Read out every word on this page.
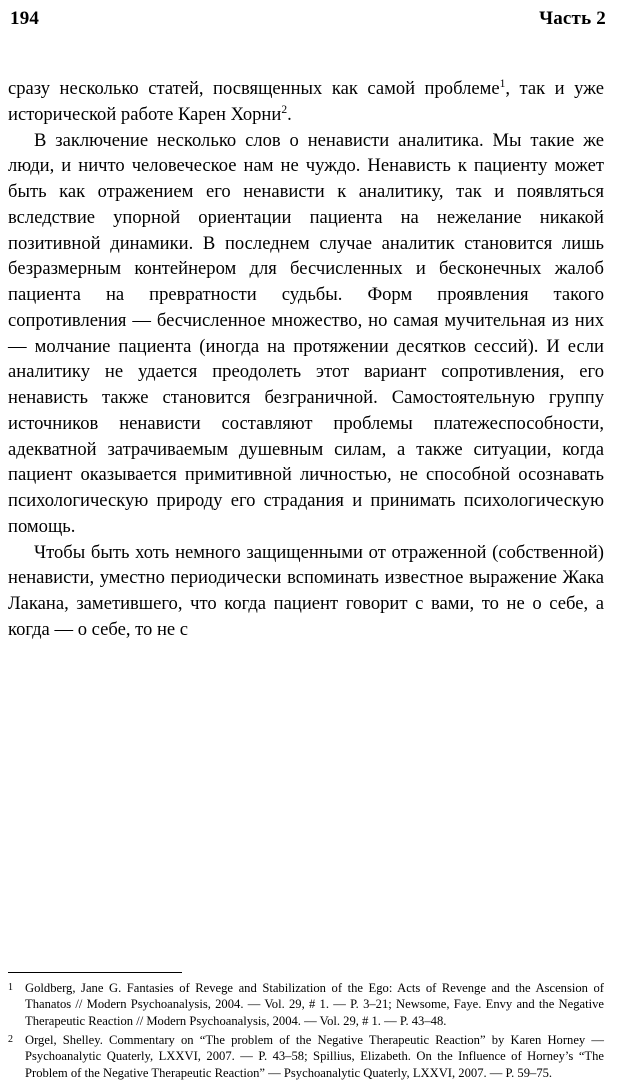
194	Часть 2

сразу несколько статей, посвященных как самой проблеме$^1$, так и уже исторической работе Карен Хорни$^2$.

В заключение несколько слов о ненависти аналитика. Мы такие же люди, и ничто человеческое нам не чуждо. Ненависть к пациенту может быть как отражением его ненависти к аналитику, так и появляться вследствие упорной ориентации пациента на нежелание никакой позитивной динамики. В последнем случае аналитик становится лишь безразмерным контейнером для бесчисленных и бесконечных жалоб пациента на превратности судьбы. Форм проявления такого сопротивления — бесчисленное множество, но самая мучительная из них — молчание пациента (иногда на протяжении десятков сессий). И если аналитику не удается преодолеть этот вариант сопротивления, его ненависть также становится безграничной. Самостоятельную группу источников ненависти составляют проблемы платежеспособности, адекватной затрачиваемым душевным силам, а также ситуации, когда пациент оказывается примитивной личностью, не способной осознавать психологическую природу его страдания и принимать психологическую помощь.

Чтобы быть хоть немного защищенными от отраженной (собственной) ненависти, уместно периодически вспоминать известное выражение Жака Лакана, заметившего, что когда пациент говорит с вами, то не о себе, а когда — о себе, то не с

1 Goldberg, Jane G. Fantasies of Revege and Stabilization of the Ego: Acts of Revenge and the Ascension of Thanatos // Modern Psychoanalysis, 2004. — Vol. 29, # 1. — P. 3–21; Newsome, Faye. Envy and the Negative Therapeutic Reaction // Modern Psychoanalysis, 2004. — Vol. 29, # 1. — P. 43–48.
2 Orgel, Shelley. Commentary on “The problem of the Negative Therapeutic Reaction” by Karen Horney — Psychoanalytic Quaterly, LXXVI, 2007. — P. 43–58; Spillius, Elizabeth. On the Influence of Horney’s “The Problem of the Negative Therapeutic Reaction” — Psychoanalytic Quaterly, LXXVI, 2007. — P. 59–75.
